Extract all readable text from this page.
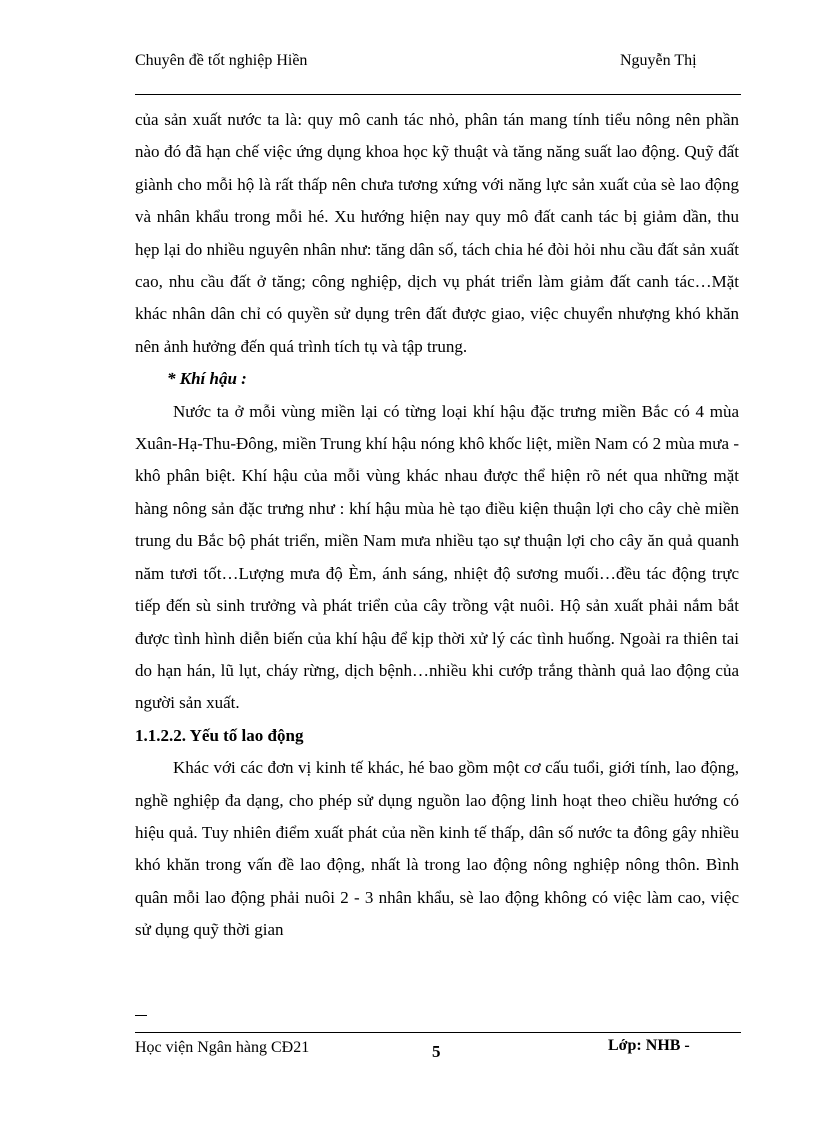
Chuyên đề tốt nghiệp Hiền	Nguyễn Thị

của sản xuất nước ta là: quy mô canh tác nhỏ, phân tán mang tính tiểu nông nên phần nào đó đã hạn chế việc ứng dụng khoa học kỹ thuật và tăng năng suất lao động. Quỹ đất giành cho mỗi hộ là rất thấp nên chưa tương xứng với năng lực sản xuất của sè lao động và nhân khẩu trong mỗi hé. Xu hướng hiện nay quy mô đất canh tác bị giảm dần, thu hẹp lại do nhiều nguyên nhân như: tăng dân số, tách chia hé đòi hỏi nhu cầu đất sản xuất cao, nhu cầu đất ở tăng; công nghiệp, dịch vụ phát triển làm giảm đất canh tác…Mặt khác nhân dân chỉ có quyền sử dụng trên đất được giao, việc chuyển nhượng khó khăn nên ảnh hưởng đến quá trình tích tụ và tập trung.

* Khí hậu :

Nước ta ở mỗi vùng miền lại có từng loại khí hậu đặc trưng miền Bắc có 4 mùa Xuân-Hạ-Thu-Đông, miền Trung khí hậu nóng khô khốc liệt, miền Nam có 2 mùa mưa - khô phân biệt. Khí hậu của mỗi vùng khác nhau được thể hiện rõ nét qua những mặt hàng nông sản đặc trưng như : khí hậu mùa hè tạo điều kiện thuận lợi cho cây chè miền trung du Bắc bộ phát triển, miền Nam mưa nhiều tạo sự thuận lợi cho cây ăn quả quanh năm tươi tốt…Lượng mưa độ Èm, ánh sáng, nhiệt độ sương muối…đều tác động trực tiếp đến sù sinh trưởng và phát triển của cây trồng vật nuôi. Hộ sản xuất phải nắm bắt được tình hình diễn biến của khí hậu để kịp thời xử lý các tình huống. Ngoài ra thiên tai do hạn hán, lũ lụt, cháy rừng, dịch bệnh…nhiều khi cướp trắng thành quả lao động của người sản xuất.

1.1.2.2. Yếu tố lao động

Khác với các đơn vị kinh tế khác, hé bao gồm một cơ cấu tuổi, giới tính, lao động, nghề nghiệp đa dạng, cho phép sử dụng nguồn lao động linh hoạt theo chiều hướng có hiệu quả. Tuy nhiên điểm xuất phát của nền kinh tế thấp, dân số nước ta đông gây nhiều khó khăn trong vấn đề lao động, nhất là trong lao động nông nghiệp nông thôn. Bình quân mỗi lao động phải nuôi 2 - 3 nhân khẩu, sè lao động không có việc làm cao, việc sử dụng quỹ thời gian

Học viện Ngân hàng CĐ21	5	Lớp: NHB -
